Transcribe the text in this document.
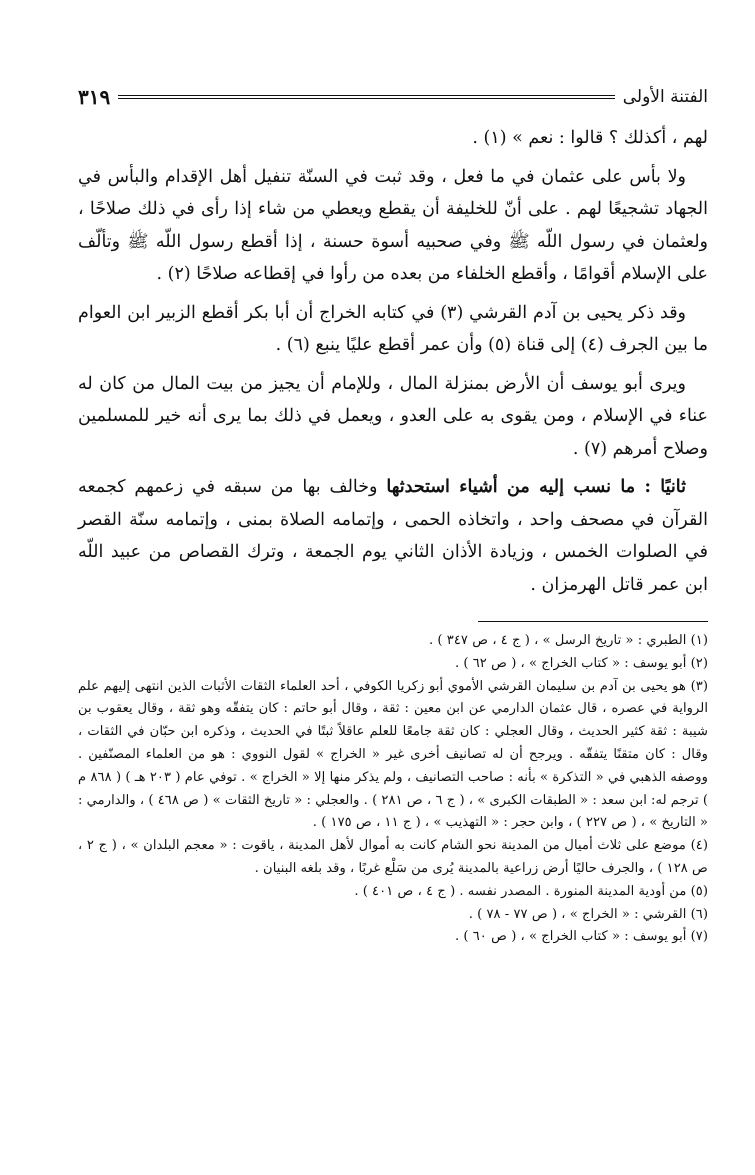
الفتنة الأولى
٣١٩

لهم ، أكذلك ؟ قالوا : نعم » (١) .

ولا بأس على عثمان في ما فعل ، وقد ثبت في السنّة تنفيل أهل الإقدام والبأس في الجهاد تشجيعًا لهم . على أنّ للخليفة أن يقطع ويعطي من شاء إذا رأى في ذلك صلاحًا ، ولعثمان في رسول اللّه ﷺ وفي صحبيه أسوة حسنة ، إذا أقطع رسول اللّه ﷺ وتألّف على الإسلام أقوامًا ، وأقطع الخلفاء من بعده من رأوا في إقطاعه صلاحًا (٢) .

وقد ذكر يحيى بن آدم القرشي (٣) في كتابه الخراج أن أبا بكر أقطع الزبير ابن العوام ما بين الجرف (٤) إلى قناة (٥) وأن عمر أقطع عليًا ينبع (٦) .

ويرى أبو يوسف أن الأرض بمنزلة المال ، وللإمام أن يجيز من بيت المال من كان له عناء في الإسلام ، ومن يقوى به على العدو ، ويعمل في ذلك بما يرى أنه خير للمسلمين وصلاح أمرهم (٧) .

ثانيًا : ما نسب إليه من أشياء استحدثها وخالف بها من سبقه في زعمهم كجمعه القرآن في مصحف واحد ، واتخاذه الحمى ، وإتمامه الصلاة بمنى ، وإتمامه سنّة القصر في الصلوات الخمس ، وزيادة الأذان الثاني يوم الجمعة ، وترك القصاص من عبيد اللّه ابن عمر قاتل الهرمزان .

(١) الطبري : « تاريخ الرسل » ، ( ج ٤ ، ص ٣٤٧ ) .

(٢) أبو يوسف : « كتاب الخراج » ، ( ص ٦٢ ) .

(٣) هو يحيى بن آدم بن سليمان القرشي الأموي أبو زكريا الكوفي ، أحد العلماء الثقات الأثبات الذين انتهى إليهم علم الرواية في عصره ، قال عثمان الدارمي عن ابن معين : ثقة ، وقال أبو حاتم : كان يتفقّه وهو ثقة ، وقال يعقوب بن شيبة : ثقة كثير الحديث ، وقال العجلي : كان ثقة جامعًا للعلم عاقلاً ثبتًا في الحديث ، وذكره ابن حبّان في الثقات ، وقال : كان متقنًا يتفقّه . ويرجح أن له تصانيف أخرى غير « الخراج » لقول النووي : هو من العلماء المصنّفين . ووصفه الذهبي في « التذكرة » بأنه : صاحب التصانيف ، ولم يذكر منها إلا « الخراج » . توفي عام ( ٢٠٣ هـ ) ( ٨٦٨ م ) ترجم له: ابن سعد : « الطبقات الكبرى » ، ( ج ٦ ، ص ٢٨١ ) . والعجلي : « تاريخ الثقات » ( ص ٤٦٨ ) ، والدارمي : « التاريخ » ، ( ص ٢٢٧ ) ، وابن حجر : « التهذيب » ، ( ج ١١ ، ص ١٧٥ ) .

(٤) موضع على ثلاث أميال من المدينة نحو الشام كانت به أموال لأهل المدينة ، ياقوت : « معجم البلدان » ، ( ج ٢ ، ص ١٢٨ ) ، والجرف حاليًا أرض زراعية بالمدينة يُرى من سَلْع غربًا ، وقد بلغه البنيان .

(٥) من أودية المدينة المنورة . المصدر نفسه . ( ج ٤ ، ص ٤٠١ ) .

(٦) القرشي : « الخراج » ، ( ص ٧٧ - ٧٨ ) .

(٧) أبو يوسف : « كتاب الخراج » ، ( ص ٦٠ ) .
